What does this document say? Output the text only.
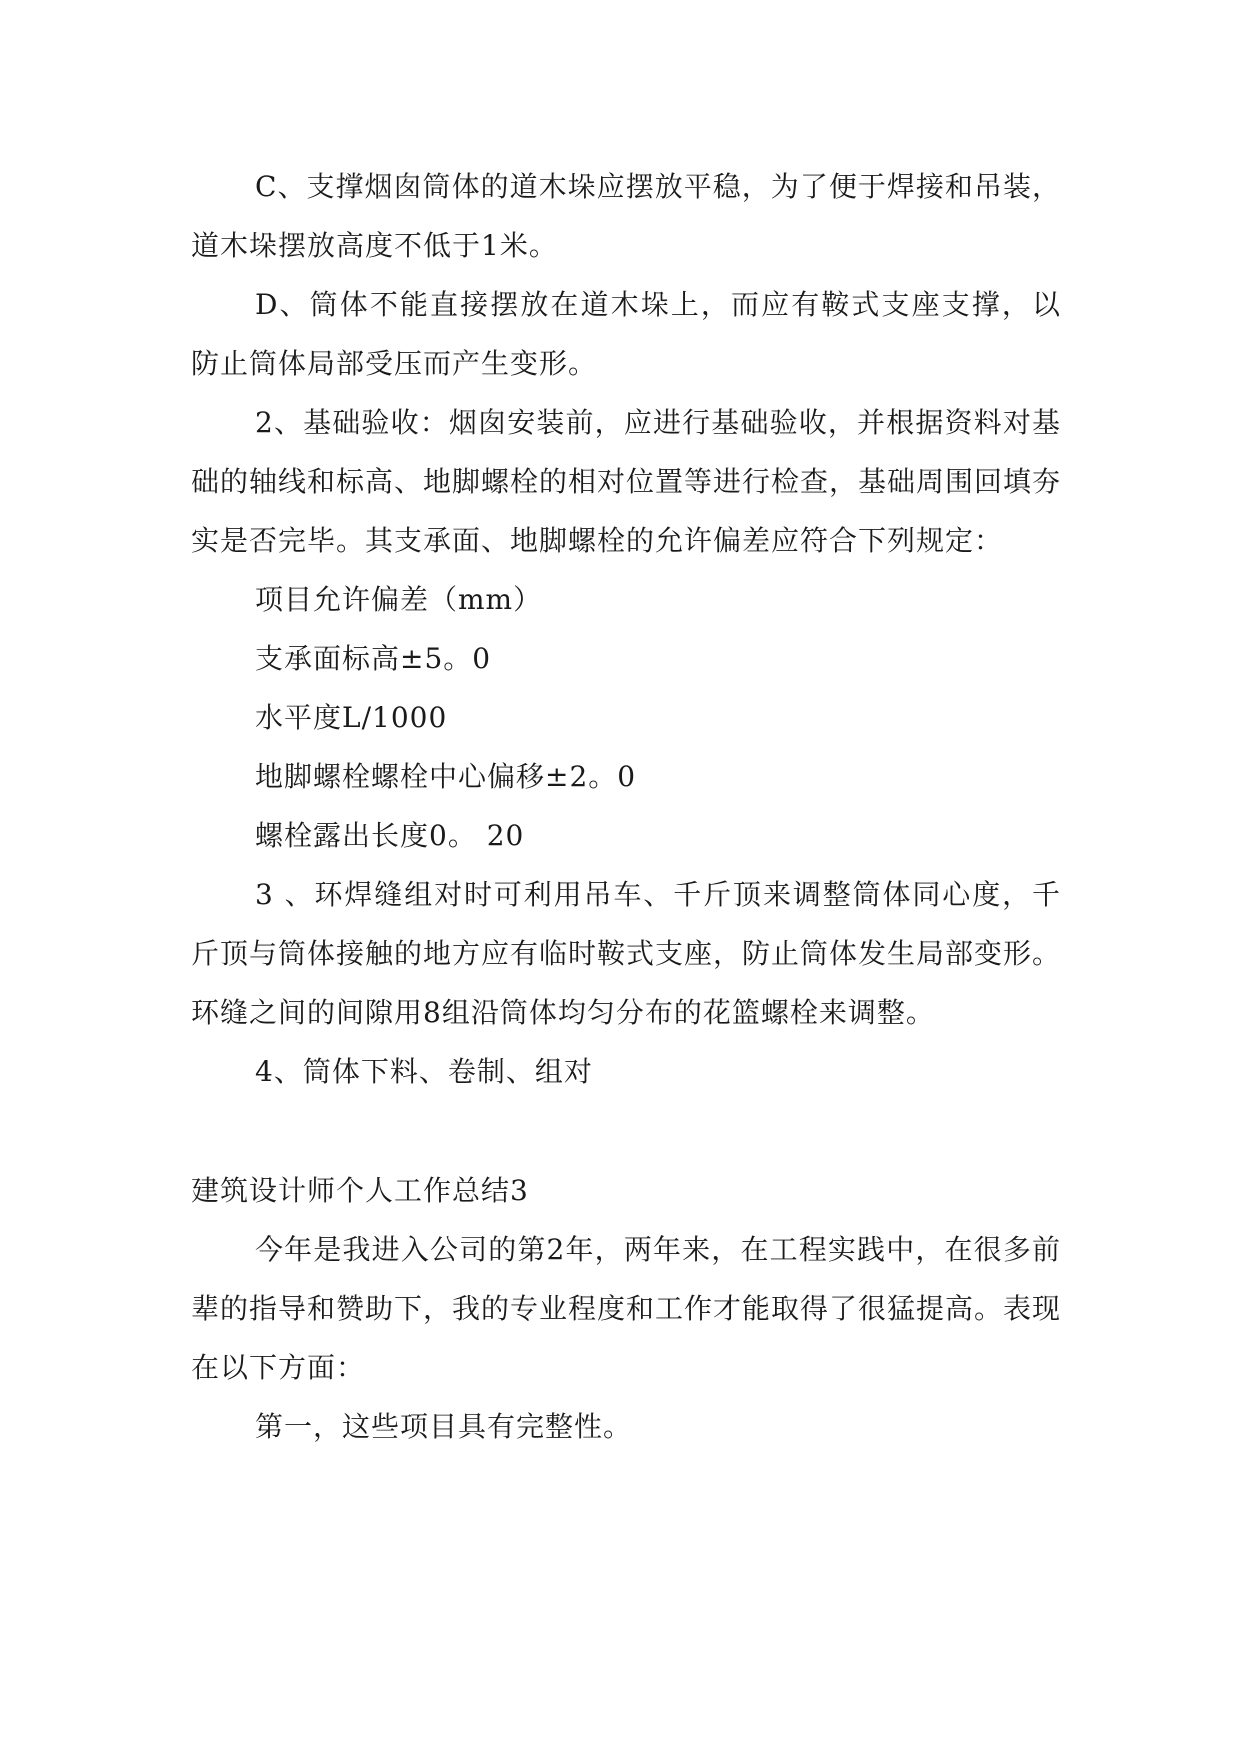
C、支撑烟囱筒体的道木垛应摆放平稳，为了便于焊接和吊装，道木垛摆放高度不低于1米。

D、筒体不能直接摆放在道木垛上，而应有鞍式支座支撑，以防止筒体局部受压而产生变形。

2、基础验收：烟囱安装前，应进行基础验收，并根据资料对基础的轴线和标高、地脚螺栓的相对位置等进行检查，基础周围回填夯实是否完毕。其支承面、地脚螺栓的允许偏差应符合下列规定：

项目允许偏差（mm）

支承面标高±5。0

水平度L/1000

地脚螺栓螺栓中心偏移±2。0

螺栓露出长度0。 20

3 、环焊缝组对时可利用吊车、千斤顶来调整筒体同心度，千斤顶与筒体接触的地方应有临时鞍式支座，防止筒体发生局部变形。环缝之间的间隙用8组沿筒体均匀分布的花篮螺栓来调整。

4、筒体下料、卷制、组对

建筑设计师个人工作总结3

今年是我进入公司的第2年，两年来，在工程实践中，在很多前辈的指导和赞助下，我的专业程度和工作才能取得了很猛提高。表现在以下方面：

第一，这些项目具有完整性。
